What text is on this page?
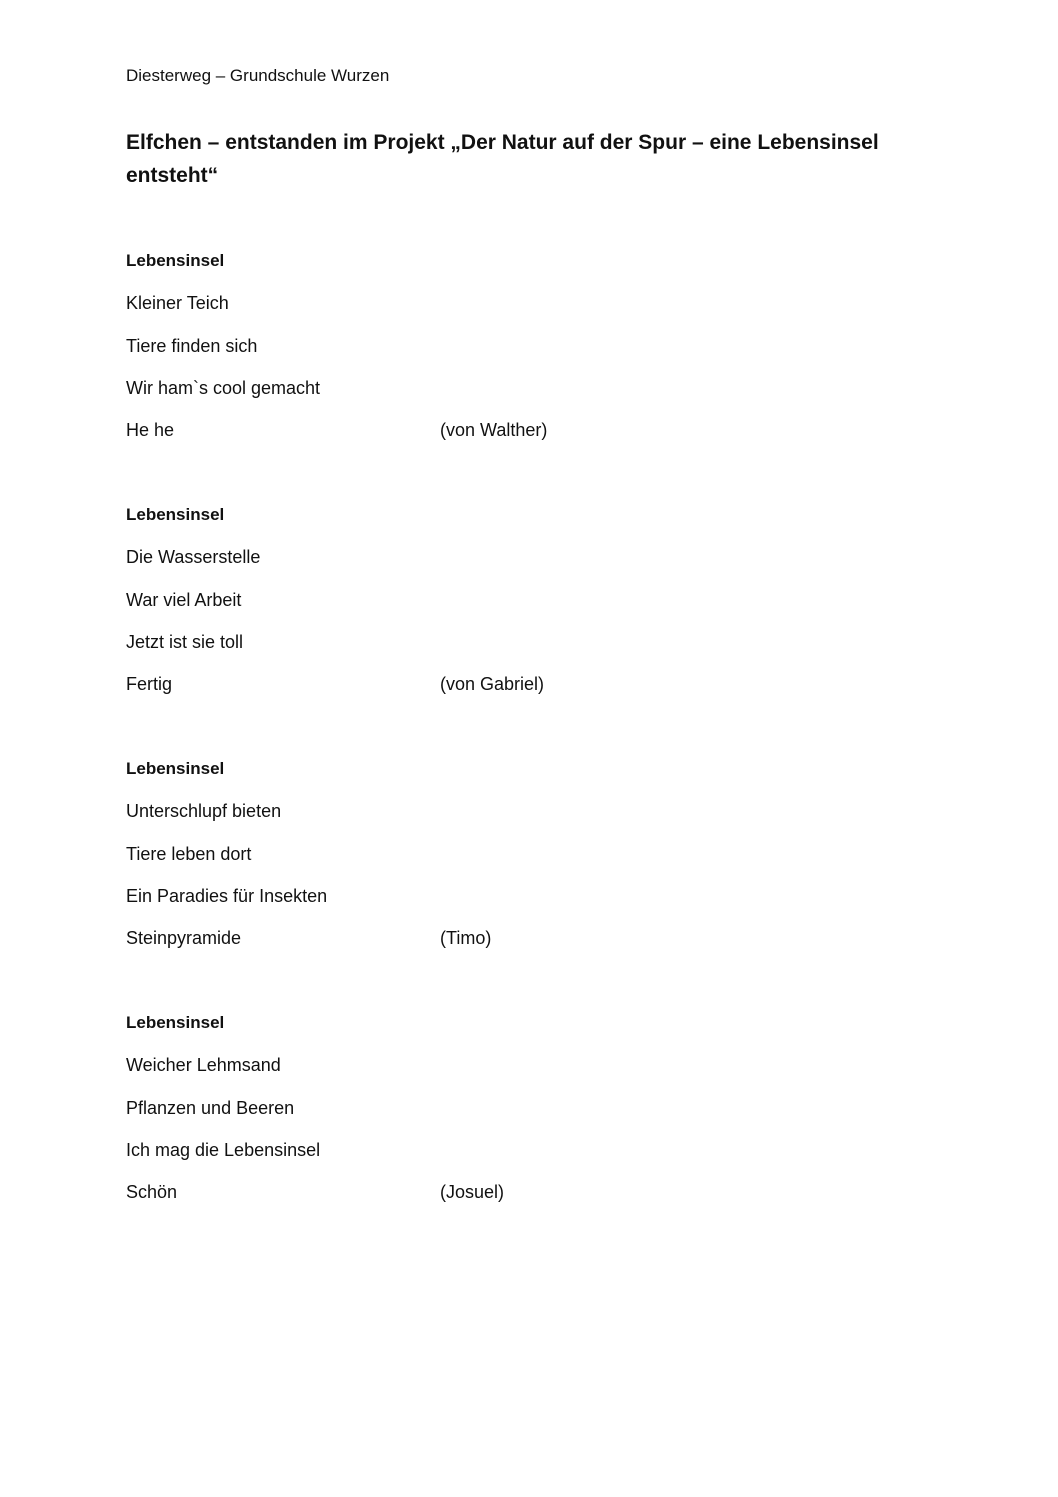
Diesterweg – Grundschule Wurzen
Elfchen – entstanden im Projekt „Der Natur auf der Spur – eine Lebensinsel entsteht“
Lebensinsel
Kleiner Teich
Tiere finden sich
Wir ham`s cool gemacht
He he	(von Walther)
Lebensinsel
Die Wasserstelle
War viel Arbeit
Jetzt ist sie toll
Fertig	(von Gabriel)
Lebensinsel
Unterschlupf bieten
Tiere leben dort
Ein Paradies für Insekten
Steinpyramide	(Timo)
Lebensinsel
Weicher Lehmsand
Pflanzen und Beeren
Ich mag die Lebensinsel
Schön	(Josuel)
